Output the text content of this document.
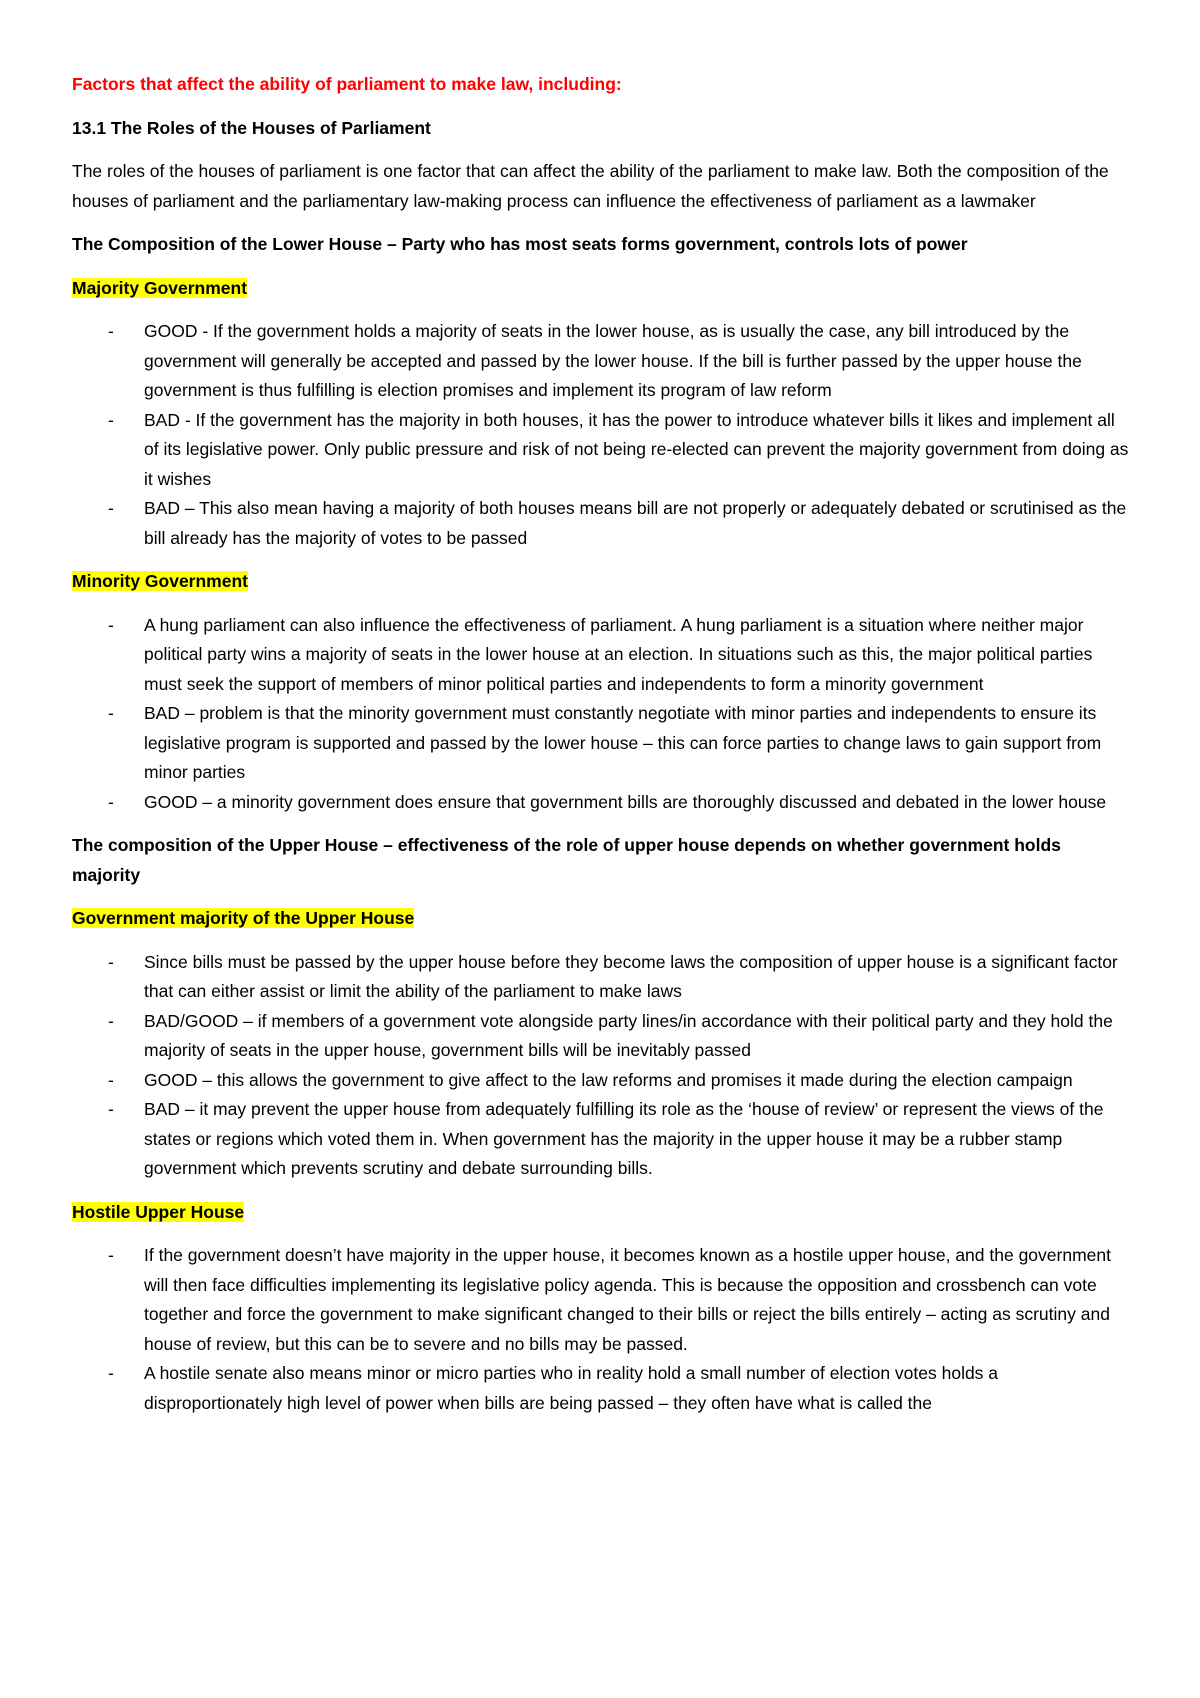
Factors that affect the ability of parliament to make law, including:

13.1 The Roles of the Houses of Parliament

The roles of the houses of parliament is one factor that can affect the ability of the parliament to make law. Both the composition of the houses of parliament and the parliamentary law-making process can influence the effectiveness of parliament as a lawmaker

The Composition of the Lower House – Party who has most seats forms government, controls lots of power

Majority Government

- GOOD - If the government holds a majority of seats in the lower house, as is usually the case, any bill introduced by the government will generally be accepted and passed by the lower house. If the bill is further passed by the upper house the government is thus fulfilling is election promises and implement its program of law reform
- BAD - If the government has the majority in both houses, it has the power to introduce whatever bills it likes and implement all of its legislative power. Only public pressure and risk of not being re-elected can prevent the majority government from doing as it wishes
- BAD – This also mean having a majority of both houses means bill are not properly or adequately debated or scrutinised as the bill already has the majority of votes to be passed

Minority Government

- A hung parliament can also influence the effectiveness of parliament. A hung parliament is a situation where neither major political party wins a majority of seats in the lower house at an election. In situations such as this, the major political parties must seek the support of members of minor political parties and independents to form a minority government
- BAD – problem is that the minority government must constantly negotiate with minor parties and independents to ensure its legislative program is supported and passed by the lower house – this can force parties to change laws to gain support from minor parties
- GOOD – a minority government does ensure that government bills are thoroughly discussed and debated in the lower house

The composition of the Upper House – effectiveness of the role of upper house depends on whether government holds majority

Government majority of the Upper House

- Since bills must be passed by the upper house before they become laws the composition of upper house is a significant factor that can either assist or limit the ability of the parliament to make laws
- BAD/GOOD – if members of a government vote alongside party lines/in accordance with their political party and they hold the majority of seats in the upper house, government bills will be inevitably passed
- GOOD – this allows the government to give affect to the law reforms and promises it made during the election campaign
- BAD – it may prevent the upper house from adequately fulfilling its role as the ‘house of review’ or represent the views of the states or regions which voted them in. When government has the majority in the upper house it may be a rubber stamp government which prevents scrutiny and debate surrounding bills.

Hostile Upper House

- If the government doesn’t have majority in the upper house, it becomes known as a hostile upper house, and the government will then face difficulties implementing its legislative policy agenda. This is because the opposition and crossbench can vote together and force the government to make significant changed to their bills or reject the bills entirely – acting as scrutiny and house of review, but this can be to severe and no bills may be passed.
- A hostile senate also means minor or micro parties who in reality hold a small number of election votes holds a disproportionately high level of power when bills are being passed – they often have what is called the
